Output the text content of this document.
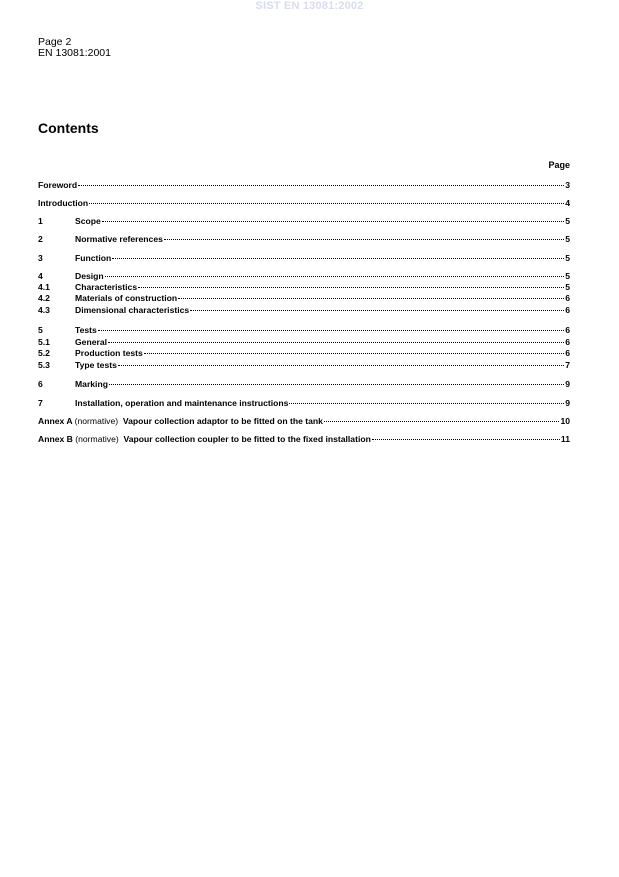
SIST EN 13081:2002
Page 2
EN 13081:2001
Contents
Page
Foreword	3
Introduction	4
1	Scope	5
2	Normative references	5
3	Function	5
4	Design	5
4.1	Characteristics	5
4.2	Materials of construction	6
4.3	Dimensional characteristics	6
5	Tests	6
5.1	General	6
5.2	Production tests	6
5.3	Type tests	7
6	Marking	9
7	Installation, operation and maintenance instructions	9
Annex A (normative) Vapour collection adaptor to be fitted on the tank	10
Annex B (normative) Vapour collection coupler to be fitted to the fixed installation	11
